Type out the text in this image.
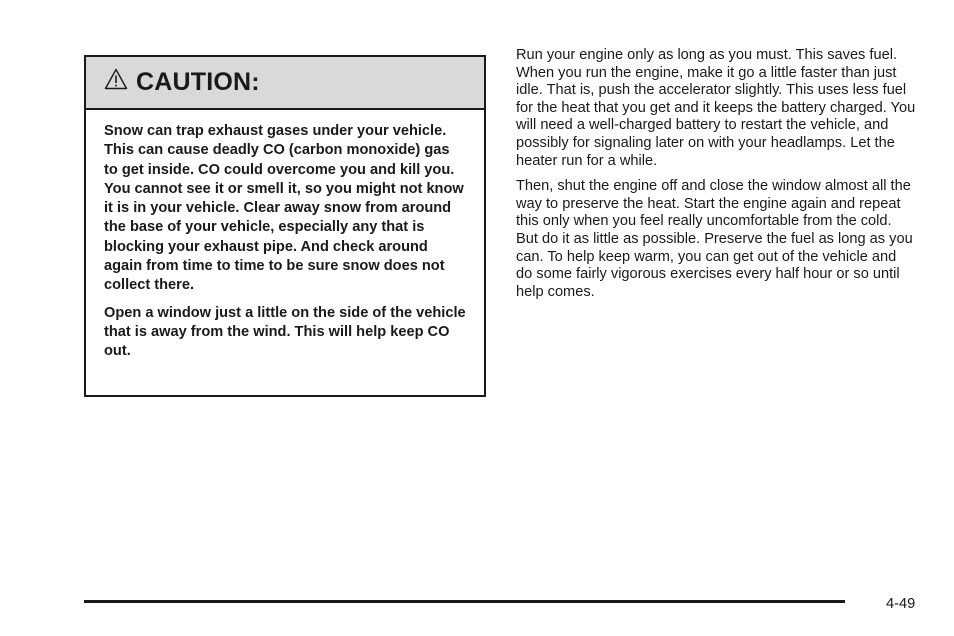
CAUTION:

Snow can trap exhaust gases under your vehicle. This can cause deadly CO (carbon monoxide) gas to get inside. CO could overcome you and kill you. You cannot see it or smell it, so you might not know it is in your vehicle. Clear away snow from around the base of your vehicle, especially any that is blocking your exhaust pipe. And check around again from time to time to be sure snow does not collect there.

Open a window just a little on the side of the vehicle that is away from the wind. This will help keep CO out.

Run your engine only as long as you must. This saves fuel. When you run the engine, make it go a little faster than just idle. That is, push the accelerator slightly. This uses less fuel for the heat that you get and it keeps the battery charged. You will need a well-charged battery to restart the vehicle, and possibly for signaling later on with your headlamps. Let the heater run for a while.

Then, shut the engine off and close the window almost all the way to preserve the heat. Start the engine again and repeat this only when you feel really uncomfortable from the cold. But do it as little as possible. Preserve the fuel as long as you can. To help keep warm, you can get out of the vehicle and do some fairly vigorous exercises every half hour or so until help comes.

4-49
